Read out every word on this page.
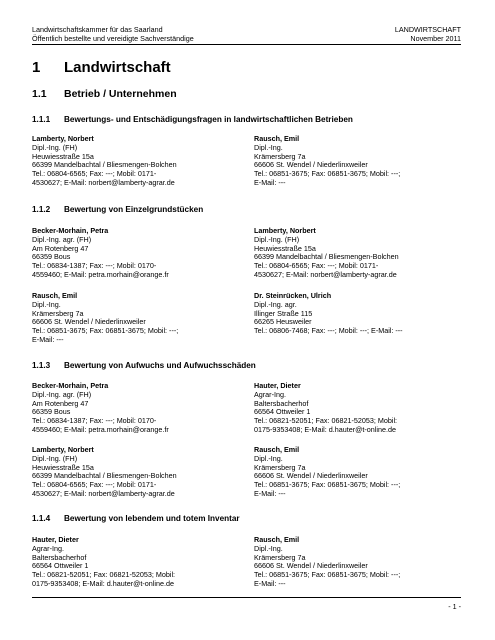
Landwirtschaftskammer für das Saarland
Öffentlich bestellte und vereidigte Sachverständige
LANDWIRTSCHAFT
November 2011
1 Landwirtschaft
1.1 Betrieb / Unternehmen
1.1.1 Bewertungs- und Entschädigungsfragen in landwirtschaftlichen Betrieben
Lamberty, Norbert
Dipl.-Ing. (FH)
Heuwiesstraße 15a
66399 Mandelbachtal / Bliesmengen-Bolchen
Tel.: 06804-6565; Fax: ---; Mobil: 0171-
4530627; E-Mail: norbert@lamberty-agrar.de
Rausch, Emil
Dipl.-Ing.
Krämersberg 7a
66606 St. Wendel / Niederlinxweiler
Tel.: 06851-3675; Fax: 06851-3675; Mobil: ---;
E-Mail: ---
1.1.2 Bewertung von Einzelgrundstücken
Becker-Morhain, Petra
Dipl.-Ing. agr. (FH)
Am Rotenberg 47
66359 Bous
Tel.: 06834-1387; Fax: ---; Mobil: 0170-
4559460; E-Mail: petra.morhain@orange.fr
Lamberty, Norbert
Dipl.-Ing. (FH)
Heuwiesstraße 15a
66399 Mandelbachtal / Bliesmengen-Bolchen
Tel.: 06804-6565; Fax: ---; Mobil: 0171-
4530627; E-Mail: norbert@lamberty-agrar.de
Rausch, Emil
Dipl.-Ing.
Krämersberg 7a
66606 St. Wendel / Niederlinxweiler
Tel.: 06851-3675; Fax: 06851-3675; Mobil: ---;
E-Mail: ---
Dr. Steinrücken, Ulrich
Dipl.-Ing. agr.
Illinger Straße 115
66265 Heusweiler
Tel.: 06806-7468; Fax: ---; Mobil: ---; E-Mail: ---
1.1.3 Bewertung von Aufwuchs und Aufwuchsschäden
Becker-Morhain, Petra
Dipl.-Ing. agr. (FH)
Am Rotenberg 47
66359 Bous
Tel.: 06834-1387; Fax: ---; Mobil: 0170-
4559460; E-Mail: petra.morhain@orange.fr
Hauter, Dieter
Agrar-Ing.
Baltersbacherhof
66564 Ottweiler 1
Tel.: 06821-52051; Fax: 06821-52053; Mobil:
0175-9353408; E-Mail: d.hauter@t-online.de
Lamberty, Norbert
Dipl.-Ing. (FH)
Heuwiesstraße 15a
66399 Mandelbachtal / Bliesmengen-Bolchen
Tel.: 06804-6565; Fax: ---; Mobil: 0171-
4530627; E-Mail: norbert@lamberty-agrar.de
Rausch, Emil
Dipl.-Ing.
Krämersberg 7a
66606 St. Wendel / Niederlinxweiler
Tel.: 06851-3675; Fax: 06851-3675; Mobil: ---;
E-Mail: ---
1.1.4 Bewertung von lebendem und totem Inventar
Hauter, Dieter
Agrar-Ing.
Baltersbacherhof
66564 Ottweiler 1
Tel.: 06821-52051; Fax: 06821-52053; Mobil:
0175-9353408; E-Mail: d.hauter@t-online.de
Rausch, Emil
Dipl.-Ing.
Krämersberg 7a
66606 St. Wendel / Niederlinxweiler
Tel.: 06851-3675; Fax: 06851-3675; Mobil: ---;
E-Mail: ---
- 1 -
